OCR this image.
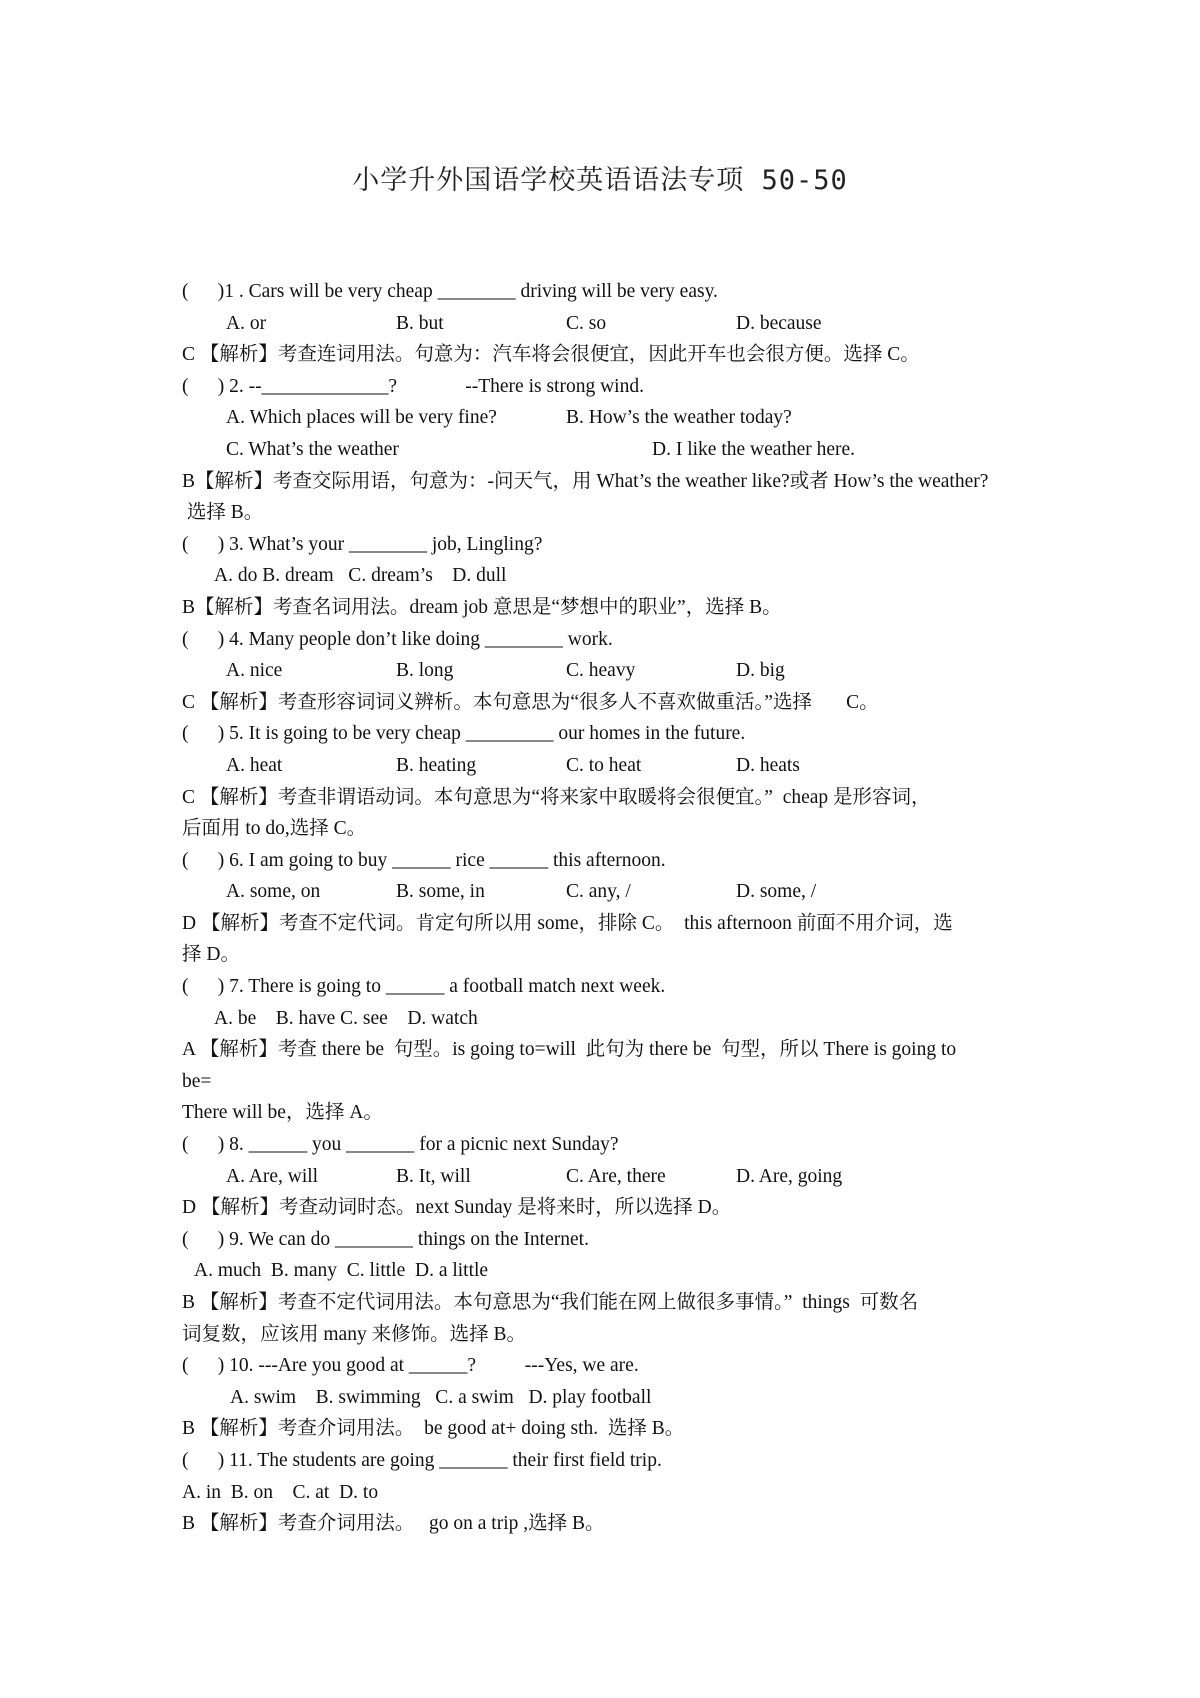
小学升外国语学校英语语法专项 50-50
(      )1 . Cars will be very cheap ________ driving will be very easy.
A. or	B. but	C. so	D. because
C 【解析】考查连词用法。句意为：汽车将会很便宜，因此开车也会很方便。选择 C。
(      ) 2. --_____________?              --There is strong wind.
A. Which places will be very fine?	B. How’s the weather today?
C. What’s the weather	D. I like the weather here.
B【解析】考查交际用语，句意为：-问天气，用 What’s the weather like?或者 How’s the weather?
选择 B。
(      ) 3. What’s your ________ job, Lingling?
A. do B. dream   C. dream’s    D. dull
B【解析】考查名词用法。dream job 意思是“梦想中的职业”，选择 B。
(      ) 4. Many people don’t like doing ________ work.
A. nice	B. long	C. heavy	D. big
C 【解析】考查形容词词义辨析。本句意思为“很多人不喜欢做重活。”选择       C。
(      ) 5. It is going to be very cheap _________ our homes in the future.
A. heat	B. heating	C. to heat	D. heats
C 【解析】考查非谓语动词。本句意思为“将来家中取暖将会很便宜。”  cheap 是形容词，
后面用 to do,选择 C。
(      ) 6. I am going to buy ______ rice ______ this afternoon.
A. some, on	B. some, in	C. any, /	D. some, /
D 【解析】考查不定代词。肯定句所以用 some，排除 C。  this afternoon 前面不用介词，选
择 D。
(      ) 7. There is going to ______ a football match next week.
A. be    B. have C. see    D. watch
A 【解析】考查 there be  句型。is going to=will  此句为 there be  句型，所以 There is going to
be=
There will be，选择 A。
(      ) 8. ______ you _______ for a picnic next Sunday?
A. Are, will	B. It, will	C. Are, there	D. Are, going
D 【解析】考查动词时态。next Sunday 是将来时，所以选择 D。
(      ) 9. We can do ________ things on the Internet.
A. much  B. many  C. little  D. a little
B 【解析】考查不定代词用法。本句意思为“我们能在网上做很多事情。”  things  可数名
词复数，应该用 many 来修饰。选择 B。
(      ) 10. ---Are you good at ______?          ---Yes, we are.
A. swim    B. swimming   C. a swim   D. play football
B 【解析】考查介词用法。  be good at+ doing sth.  选择 B。
(      ) 11. The students are going _______ their first field trip.
A. in  B. on    C. at  D. to
B 【解析】考查介词用法。   go on a trip ,选择 B。
